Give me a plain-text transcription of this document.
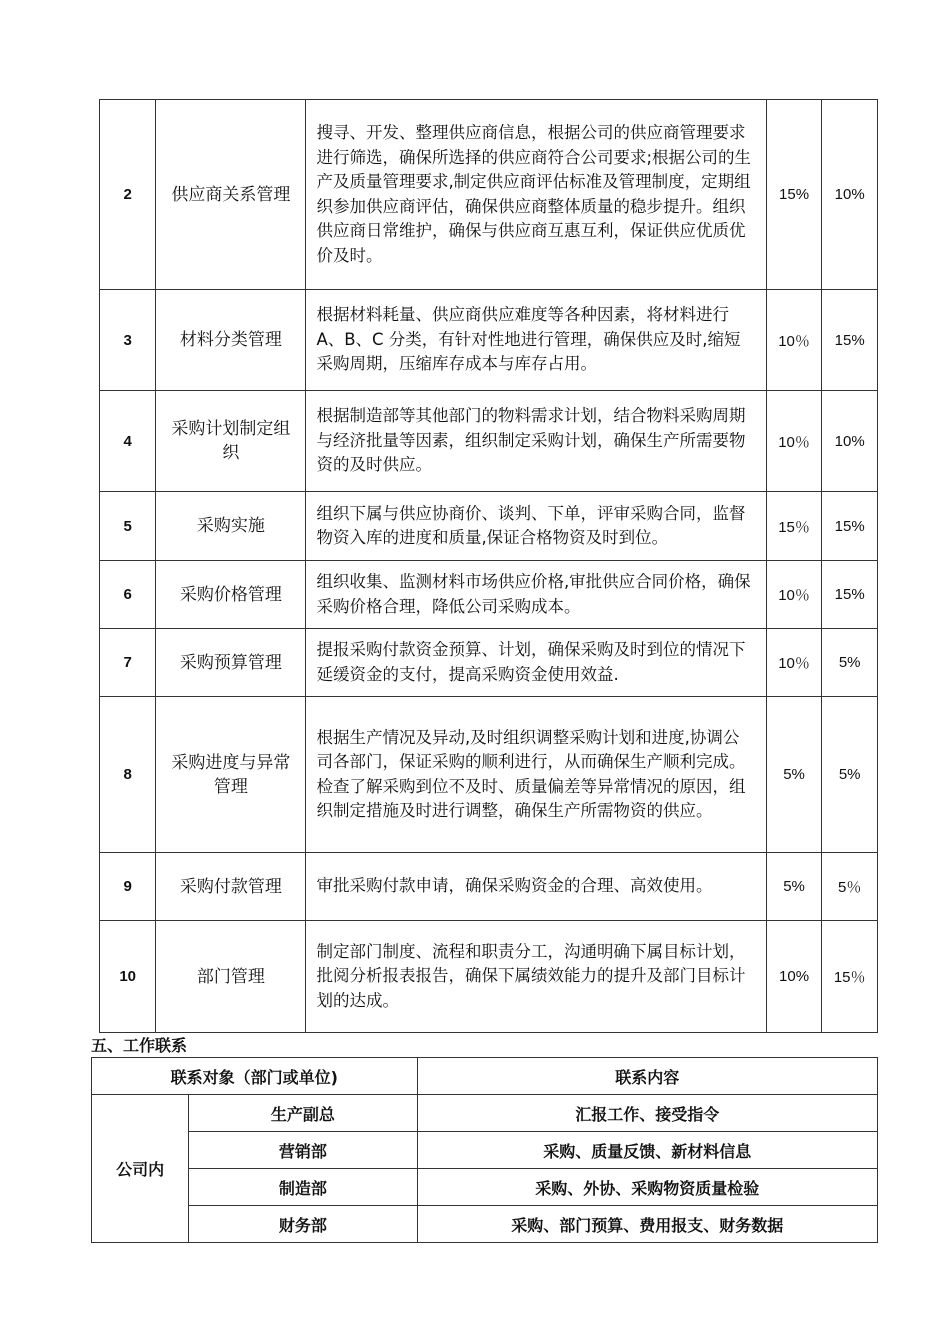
2	供应商关系管理	搜寻、开发、整理供应商信息，根据公司的供应商管理要求进行筛选，确保所选择的供应商符合公司要求;根据公司的生产及质量管理要求,制定供应商评估标准及管理制度，定期组织参加供应商评估，确保供应商整体质量的稳步提升。组织供应商日常维护，确保与供应商互惠互利，保证供应优质优价及时。	15%	10%
3	材料分类管理	根据材料耗量、供应商供应难度等各种因素，将材料进行 A、B、C 分类，有针对性地进行管理，确保供应及时,缩短采购周期，压缩库存成本与库存占用。	10％	15%
4	采购计划制定组织	根据制造部等其他部门的物料需求计划，结合物料采购周期与经济批量等因素，组织制定采购计划，确保生产所需要物资的及时供应。	10％	10%
5	采购实施	组织下属与供应协商价、谈判、下单，评审采购合同，监督物资入库的进度和质量,保证合格物资及时到位。	15％	15%
6	采购价格管理	组织收集、监测材料市场供应价格,审批供应合同价格，确保采购价格合理，降低公司采购成本。	10％	15%
7	采购预算管理	提报采购付款资金预算、计划，确保采购及时到位的情况下延缓资金的支付，提高采购资金使用效益.	10％	5%
8	采购进度与异常管理	根据生产情况及异动,及时组织调整采购计划和进度,协调公司各部门，保证采购的顺利进行，从而确保生产顺利完成。检查了解采购到位不及时、质量偏差等异常情况的原因，组织制定措施及时进行调整，确保生产所需物资的供应。	5%	5%
9	采购付款管理	审批采购付款申请，确保采购资金的合理、高效使用。	5%	5％
10	部门管理	制定部门制度、流程和职责分工，沟通明确下属目标计划，批阅分析报表报告，确保下属绩效能力的提升及部门目标计划的达成。	10%	15％
五、工作联系
联系对象（部门或单位)		联系内容
公司内	生产副总	汇报工作、接受指令
	营销部	采购、质量反馈、新材料信息
	制造部	采购、外协、采购物资质量检验
	财务部	采购、部门预算、费用报支、财务数据
